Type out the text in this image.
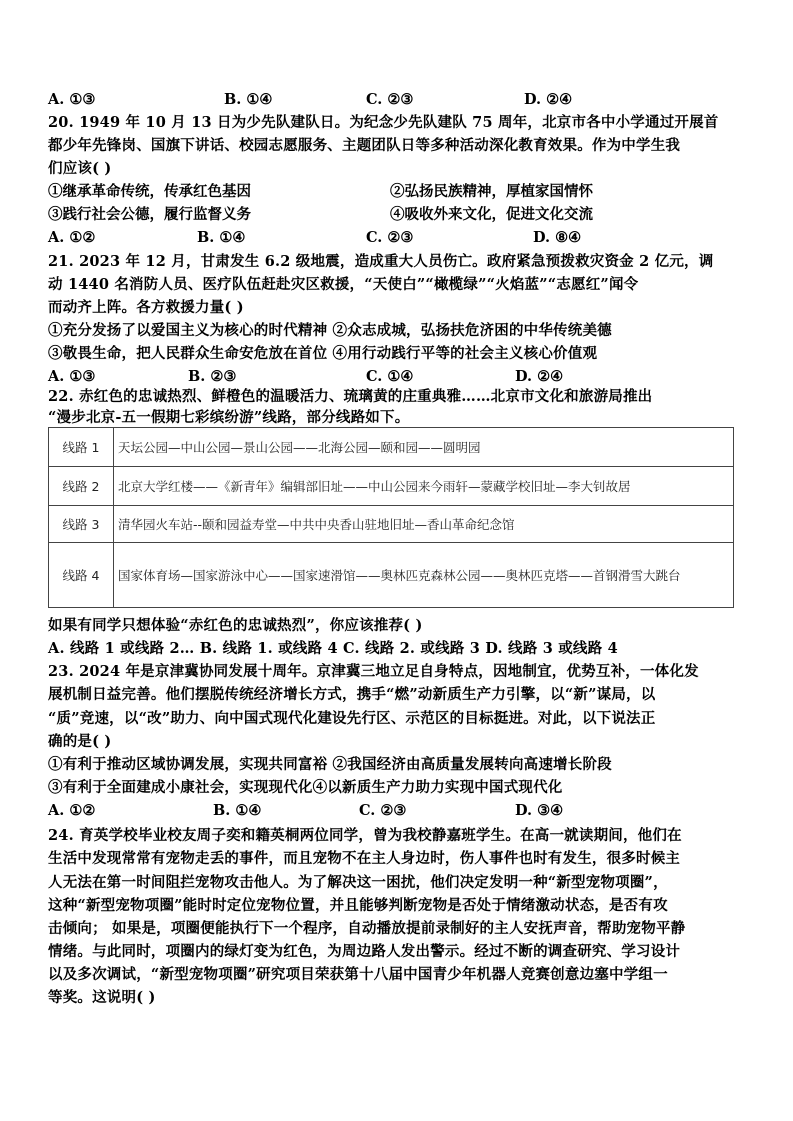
A. ①③	B. ①④	C. ②③	D. ②④
20. 1949 年 10 月 13 日为少先队建队日。为纪念少先队建队 75 周年，北京市各中小学通过开展首
都少年先锋岗、国旗下讲话、校园志愿服务、主题团队日等多种活动深化教育效果。作为中学生我
们应该( )
①继承革命传统，传承红色基因	②弘扬民族精神，厚植家国情怀
③践行社会公德，履行监督义务	④吸收外来文化，促进文化交流
A. ①②	B. ①④	C. ②③	D. ⑧④
21. 2023 年 12 月，甘肃发生 6.2 级地震，造成重大人员伤亡。政府紧急预拨救灾资金 2 亿元，调
动 1440 名消防人员、医疗队伍赶赴灾区救援，“天使白”“橄榄绿”“火焰蓝”“志愿红”闻令
而动齐上阵。各方救援力量( )
①充分发扬了以爱国主义为核心的时代精神 ②众志成城，弘扬扶危济困的中华传统美德
③敬畏生命，把人民群众生命安危放在首位 ④用行动践行平等的社会主义核心价值观
A. ①③	B. ②③	C. ①④	D. ②④
22. 赤红色的忠诚热烈、鲜橙色的温暖活力、琉璃黄的庄重典雅……北京市文化和旅游局推出
“漫步北京-五一假期七彩缤纷游”线路，部分线路如下。
线路 1	天坛公园—中山公园—景山公园——北海公园—颐和园——圆明园
线路 2	北京大学红楼——《新青年》编辑部旧址——中山公园来今雨轩—蒙藏学校旧址—李大钊故居
线路 3	清华园火车站--颐和园益寿堂—中共中央香山驻地旧址—香山革命纪念馆
线路 4	国家体育场—国家游泳中心——国家速滑馆——奥林匹克森林公园——奥林匹克塔——首钢滑雪大跳台
如果有同学只想体验“赤红色的忠诚热烈”，你应该推荐( )
A. 线路 1 或线路 2… B. 线路 1. 或线路 4 C. 线路 2. 或线路 3 D. 线路 3 或线路 4
23. 2024 年是京津冀协同发展十周年。京津冀三地立足自身特点，因地制宜，优势互补，一体化发
展机制日益完善。他们摆脱传统经济增长方式，携手“燃”动新质生产力引擎，以“新”谋局，以
“质”竞速，以“改”助力、向中国式现代化建设先行区、示范区的目标挺进。对此，以下说法正
确的是( )
①有利于推动区域协调发展，实现共同富裕 ②我国经济由高质量发展转向高速增长阶段
③有利于全面建成小康社会，实现现代化④以新质生产力助力实现中国式现代化
A. ①②	B. ①④	C. ②③	D. ③④
24. 育英学校毕业校友周子奕和籍英桐两位同学，曾为我校静嘉班学生。在高一就读期间，他们在
生活中发现常常有宠物走丢的事件，而且宠物不在主人身边时，伤人事件也时有发生，很多时候主
人无法在第一时间阻拦宠物攻击他人。为了解决这一困扰，他们决定发明一种“新型宠物项圈”，
这种“新型宠物项圈”能时时定位宠物位置，并且能够判断宠物是否处于情绪激动状态，是否有攻
击倾向； 如果是，项圈便能执行下一个程序，自动播放提前录制好的主人安抚声音，帮助宠物平静
情绪。与此同时，项圈内的绿灯变为红色，为周边路人发出警示。经过不断的调查研究、学习设计
以及多次调试，“新型宠物项圈”研究项目荣获第十八届中国青少年机器人竞赛创意边塞中学组一
等奖。这说明( )
